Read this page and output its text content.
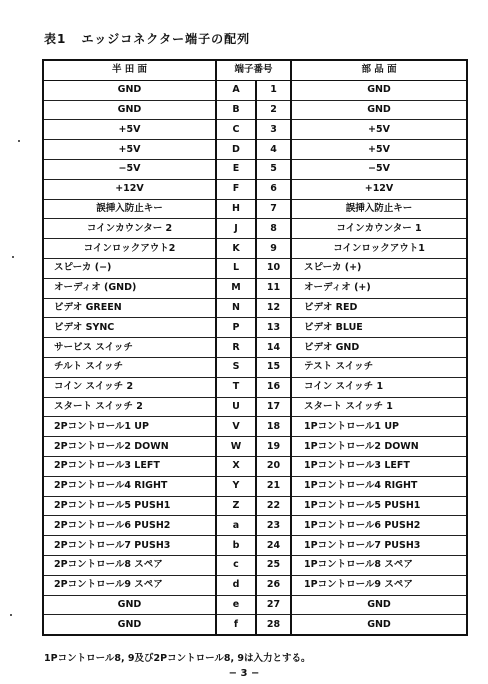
表1 エッジコネクター端子の配列
半 田 面	端子番号		部 品 面
GND	A	1	GND
GND	B	2	GND
+5V	C	3	+5V
+5V	D	4	+5V
−5V	E	5	−5V
+12V	F	6	+12V
誤挿入防止キー	H	7	誤挿入防止キー
コインカウンター 2	J	8	コインカウンター 1
コインロックアウト2	K	9	コインロックアウト1
スピーカ (−)	L	10	スピーカ (+)
オーディオ (GND)	M	11	オーディオ (+)
ビデオ GREEN	N	12	ビデオ RED
ビデオ SYNC	P	13	ビデオ BLUE
サービス スイッチ	R	14	ビデオ GND
チルト スイッチ	S	15	テスト スイッチ
コイン スイッチ 2	T	16	コイン スイッチ 1
スタート スイッチ 2	U	17	スタート スイッチ 1
2Pコントロール1 UP	V	18	1Pコントロール1 UP
2Pコントロール2 DOWN	W	19	1Pコントロール2 DOWN
2Pコントロール3 LEFT	X	20	1Pコントロール3 LEFT
2Pコントロール4 RIGHT	Y	21	1Pコントロール4 RIGHT
2Pコントロール5 PUSH1	Z	22	1Pコントロール5 PUSH1
2Pコントロール6 PUSH2	a	23	1Pコントロール6 PUSH2
2Pコントロール7 PUSH3	b	24	1Pコントロール7 PUSH3
2Pコントロール8 スペア	c	25	1Pコントロール8 スペア
2Pコントロール9 スペア	d	26	1Pコントロール9 スペア
GND	e	27	GND
GND	f	28	GND
1Pコントロール8, 9及び2Pコントロール8, 9は入力とする。
− 3 −
